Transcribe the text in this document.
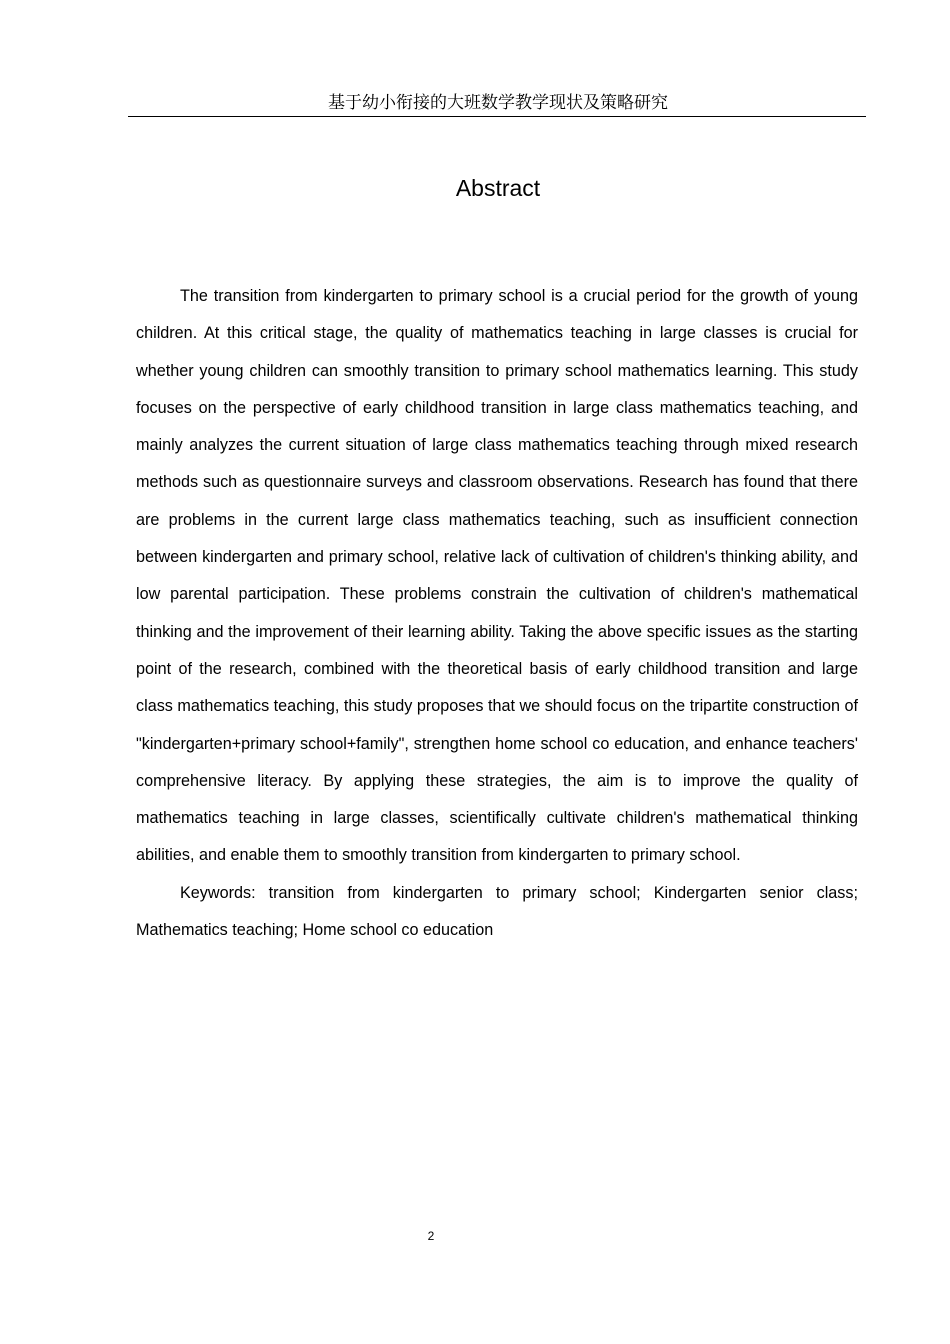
基于幼小衔接的大班数学教学现状及策略研究
Abstract

The transition from kindergarten to primary school is a crucial period for the growth of young children. At this critical stage, the quality of mathematics teaching in large classes is crucial for whether young children can smoothly transition to primary school mathematics learning. This study focuses on the perspective of early childhood transition in large class mathematics teaching, and mainly analyzes the current situation of large class mathematics teaching through mixed research methods such as questionnaire surveys and classroom observations. Research has found that there are problems in the current large class mathematics teaching, such as insufficient connection between kindergarten and primary school, relative lack of cultivation of children's thinking ability, and low parental participation. These problems constrain the cultivation of children's mathematical thinking and the improvement of their learning ability. Taking the above specific issues as the starting point of the research, combined with the theoretical basis of early childhood transition and large class mathematics teaching, this study proposes that we should focus on the tripartite construction of "kindergarten+primary school+family", strengthen home school co education, and enhance teachers' comprehensive literacy. By applying these strategies, the aim is to improve the quality of mathematics teaching in large classes, scientifically cultivate children's mathematical thinking abilities, and enable them to smoothly transition from kindergarten to primary school.

Keywords: transition from kindergarten to primary school; Kindergarten senior class; Mathematics teaching; Home school co education

2
